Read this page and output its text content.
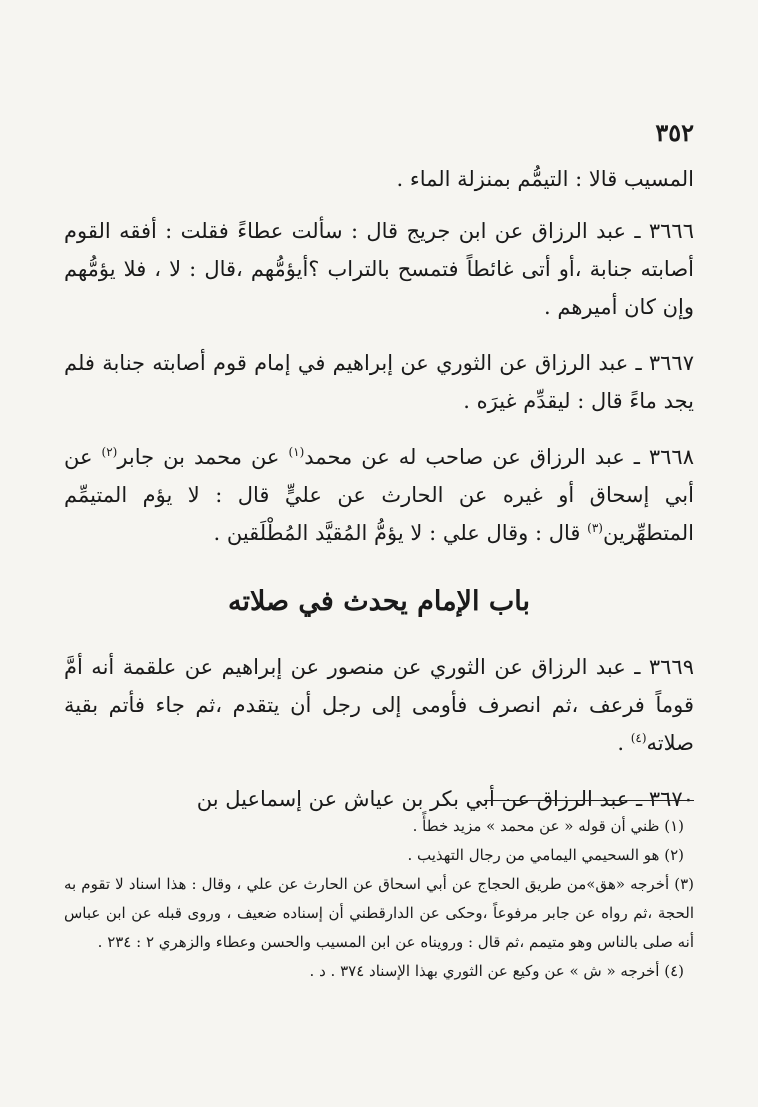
٣٥٢

المسيب قالا : التيمُّم بمنزلة الماء .

٣٦٦٦ ـ عبد الرزاق عن ابن جريج قال : سألت عطاءً فقلت : أفقه القوم أصابته جنابة ،أو أتى غائطاً فتمسح بالتراب ؟أيؤمُّهم ،قال : لا ، فلا يؤمُّهم وإن كان أميرهم .

٣٦٦٧ ـ عبد الرزاق عن الثوري عن إبراهيم في إمام قوم أصابته جنابة فلم يجد ماءً قال : ليقدِّم غيرَه .

٣٦٦٨ ـ عبد الرزاق عن صاحب له عن محمد$^{(١)}$ عن محمد بن جابر$^{(٢)}$ عن أبي إسحاق أو غيره عن الحارث عن عليٍّ قال : لا يؤم المتيمِّم المتطهِّرين$^{(٣)}$ قال : وقال علي : لا يؤمُّ المُقيَّد المُطْلَقين .

باب الإمام يحدث في صلاته

٣٦٦٩ ـ عبد الرزاق عن الثوري عن منصور عن إبراهيم عن علقمة أنه أمَّ قوماً فرعف ،ثم انصرف فأومى إلى رجل أن يتقدم ،ثم جاء فأتم بقية صلاته$^{(٤)}$ .

٣٦٧٠ ـ عبد الرزاق عن أبي بكر بن عياش عن إسماعيل بن

(١) ظني أن قوله « عن محمد » مزيد خطأً .

(٢) هو السحيمي اليمامي من رجال التهذيب .

(٣) أخرجه «هق»من طريق الحجاج عن أبي اسحاق عن الحارث عن علي ، وقال : هذا اسناد لا تقوم به الحجة ،ثم رواه عن جابر مرفوعاً ،وحكى عن الدارقطني أن إسناده ضعيف ، وروى قبله عن ابن عباس أنه صلى بالناس وهو متيمم ،ثم قال : ورويناه عن ابن المسيب والحسن وعطاء والزهري ٢ : ٢٣٤ .

(٤) أخرجه « ش » عن وكيع عن الثوري بهذا الإسناد ٣٧٤ . د .
